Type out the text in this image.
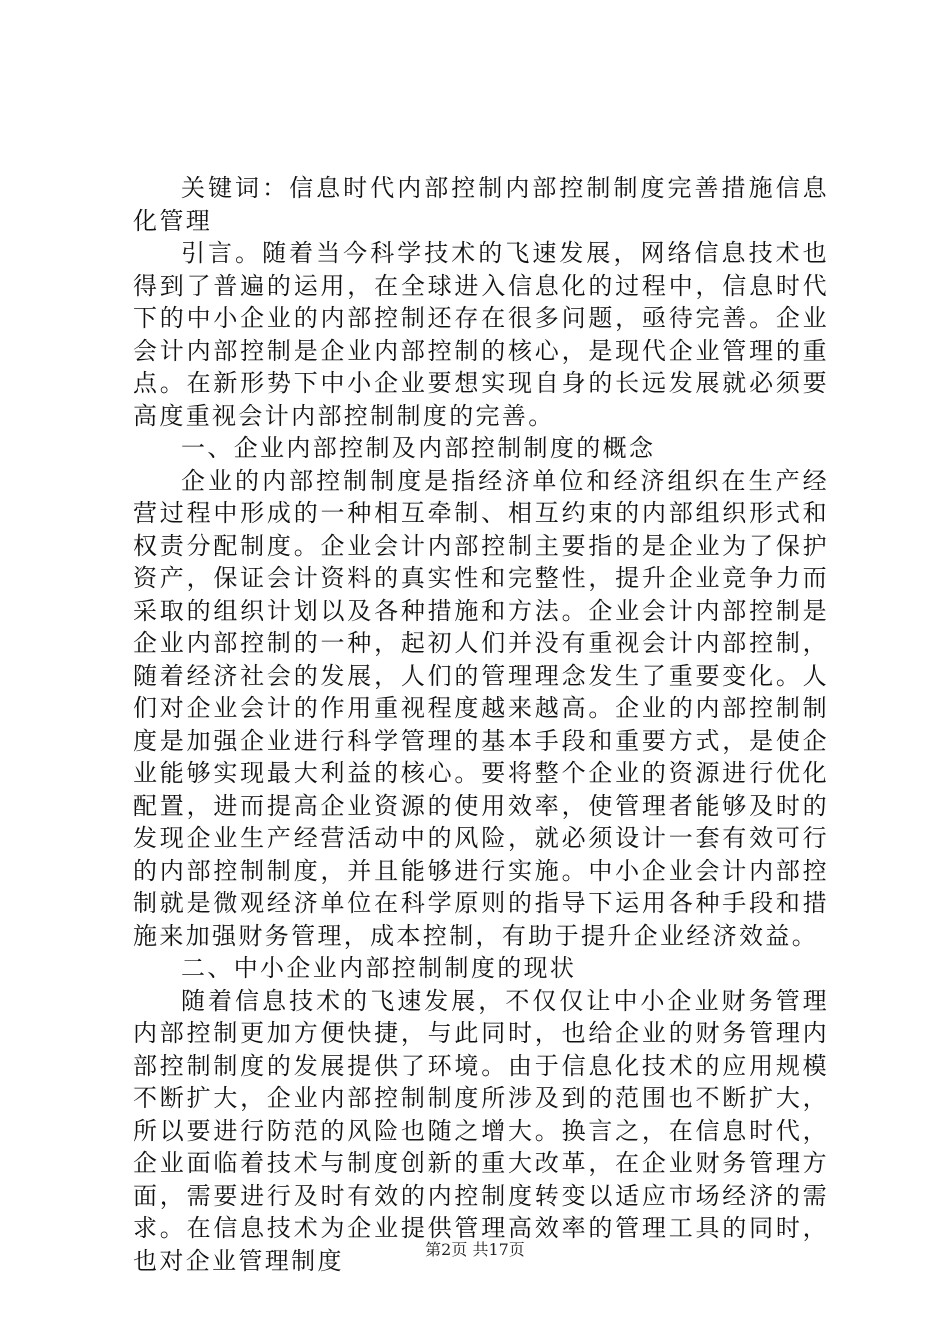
关键词：信息时代内部控制内部控制制度完善措施信息化管理

引言。随着当今科学技术的飞速发展，网络信息技术也得到了普遍的运用，在全球进入信息化的过程中，信息时代下的中小企业的内部控制还存在很多问题，亟待完善。企业会计内部控制是企业内部控制的核心，是现代企业管理的重点。在新形势下中小企业要想实现自身的长远发展就必须要高度重视会计内部控制制度的完善。

一、企业内部控制及内部控制制度的概念

企业的内部控制制度是指经济单位和经济组织在生产经营过程中形成的一种相互牵制、相互约束的内部组织形式和权责分配制度。企业会计内部控制主要指的是企业为了保护资产，保证会计资料的真实性和完整性，提升企业竞争力而采取的组织计划以及各种措施和方法。企业会计内部控制是企业内部控制的一种，起初人们并没有重视会计内部控制，随着经济社会的发展，人们的管理理念发生了重要变化。人们对企业会计的作用重视程度越来越高。企业的内部控制制度是加强企业进行科学管理的基本手段和重要方式，是使企业能够实现最大利益的核心。要将整个企业的资源进行优化配置，进而提高企业资源的使用效率，使管理者能够及时的发现企业生产经营活动中的风险，就必须设计一套有效可行的内部控制制度，并且能够进行实施。中小企业会计内部控制就是微观经济单位在科学原则的指导下运用各种手段和措施来加强财务管理，成本控制，有助于提升企业经济效益。

二、中小企业内部控制制度的现状

随着信息技术的飞速发展，不仅仅让中小企业财务管理内部控制更加方便快捷，与此同时，也给企业的财务管理内部控制制度的发展提供了环境。由于信息化技术的应用规模不断扩大，企业内部控制制度所涉及到的范围也不断扩大，所以要进行防范的风险也随之增大。换言之，在信息时代，企业面临着技术与制度创新的重大改革，在企业财务管理方面，需要进行及时有效的内控制度转变以适应市场经济的需求。在信息技术为企业提供管理高效率的管理工具的同时，也对企业管理制度	第2页 共17页
